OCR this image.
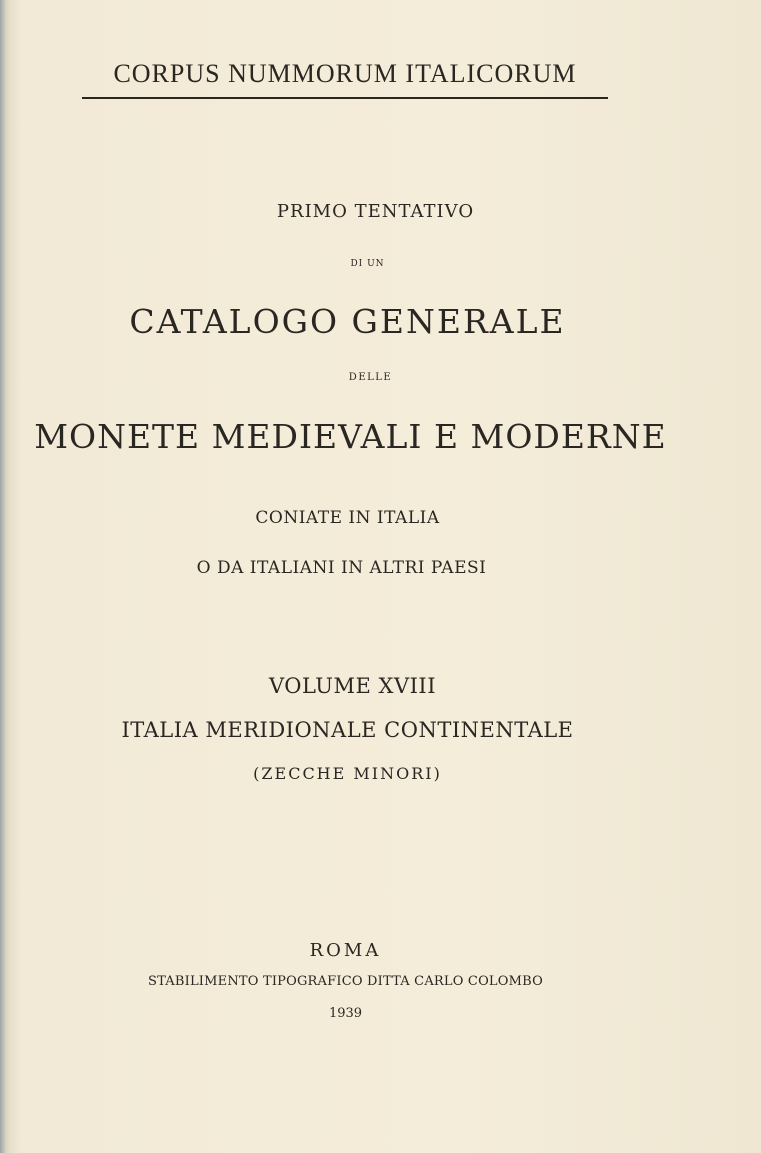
CORPUS NUMMORUM ITALICORUM
PRIMO TENTATIVO
DI UN
CATALOGO GENERALE
DELLE
MONETE MEDIEVALI E MODERNE
CONIATE IN ITALIA
O DA ITALIANI IN ALTRI PAESI
VOLUME XVIII
ITALIA MERIDIONALE CONTINENTALE
(ZECCHE MINORI)
ROMA
STABILIMENTO TIPOGRAFICO DITTA CARLO COLOMBO
1939
